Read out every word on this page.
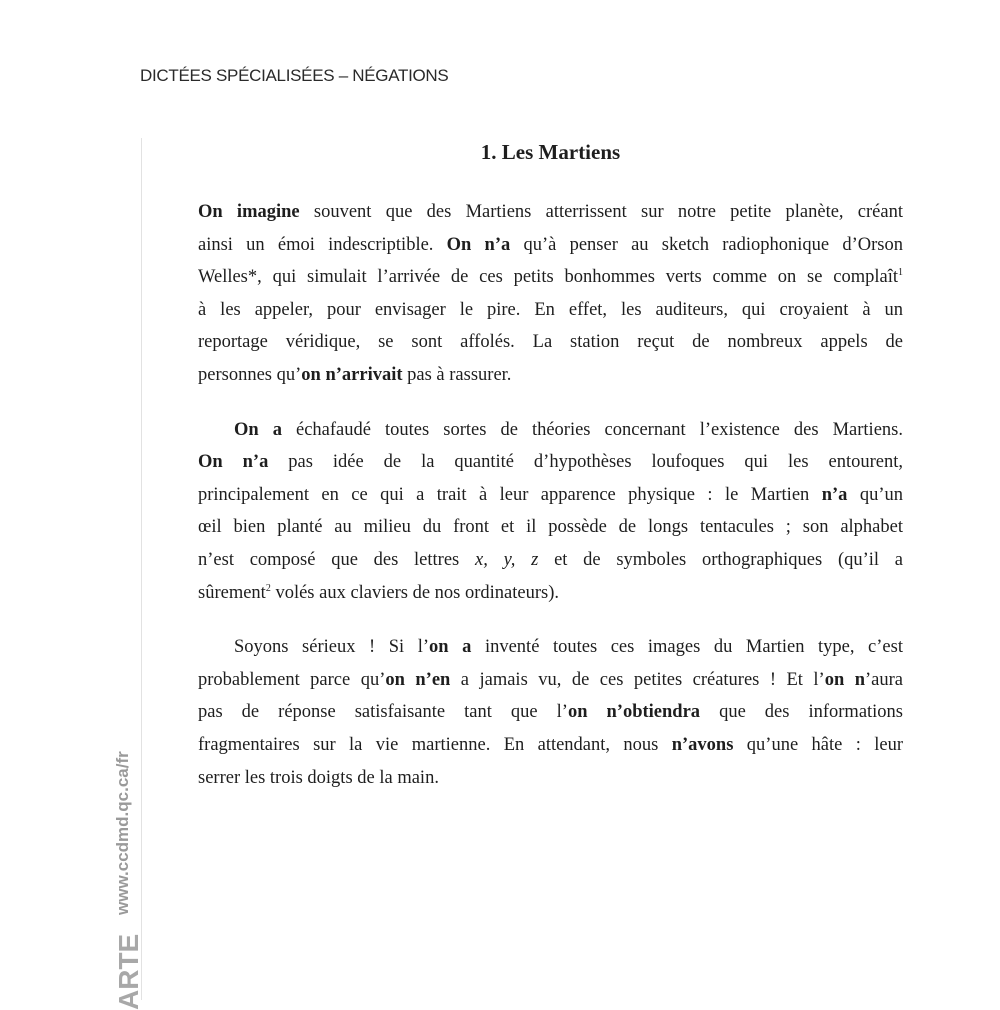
DICTÉES SPÉCIALISÉES – NÉGATIONS
www.ccdmd.qc.ca/fr
ARTE
1. Les Martiens

On imagine souvent que des Martiens atterrissent sur notre petite planète, créant
ainsi un émoi indescriptible. On n’a qu’à penser au sketch radiophonique d’Orson
Welles*, qui simulait l’arrivée de ces petits bonhommes verts comme on se complaît$^1$
à les appeler, pour envisager le pire. En effet, les auditeurs, qui croyaient à un
reportage véridique, se sont affolés. La station reçut de nombreux appels de
personnes qu’on n’arrivait pas à rassurer.

On a échafaudé toutes sortes de théories concernant l’existence des Martiens.
On n’a pas idée de la quantité d’hypothèses loufoques qui les entourent,
principalement en ce qui a trait à leur apparence physique : le Martien n’a qu’un
œil bien planté au milieu du front et il possède de longs tentacules ; son alphabet
n’est composé que des lettres x, y, z et de symboles orthographiques (qu’il a
sûrement$^2$ volés aux claviers de nos ordinateurs).

Soyons sérieux ! Si l’on a inventé toutes ces images du Martien type, c’est
probablement parce qu’on n’en a jamais vu, de ces petites créatures ! Et l’on n’aura
pas de réponse satisfaisante tant que l’on n’obtiendra que des informations
fragmentaires sur la vie martienne. En attendant, nous n’avons qu’une hâte : leur
serrer les trois doigts de la main.
